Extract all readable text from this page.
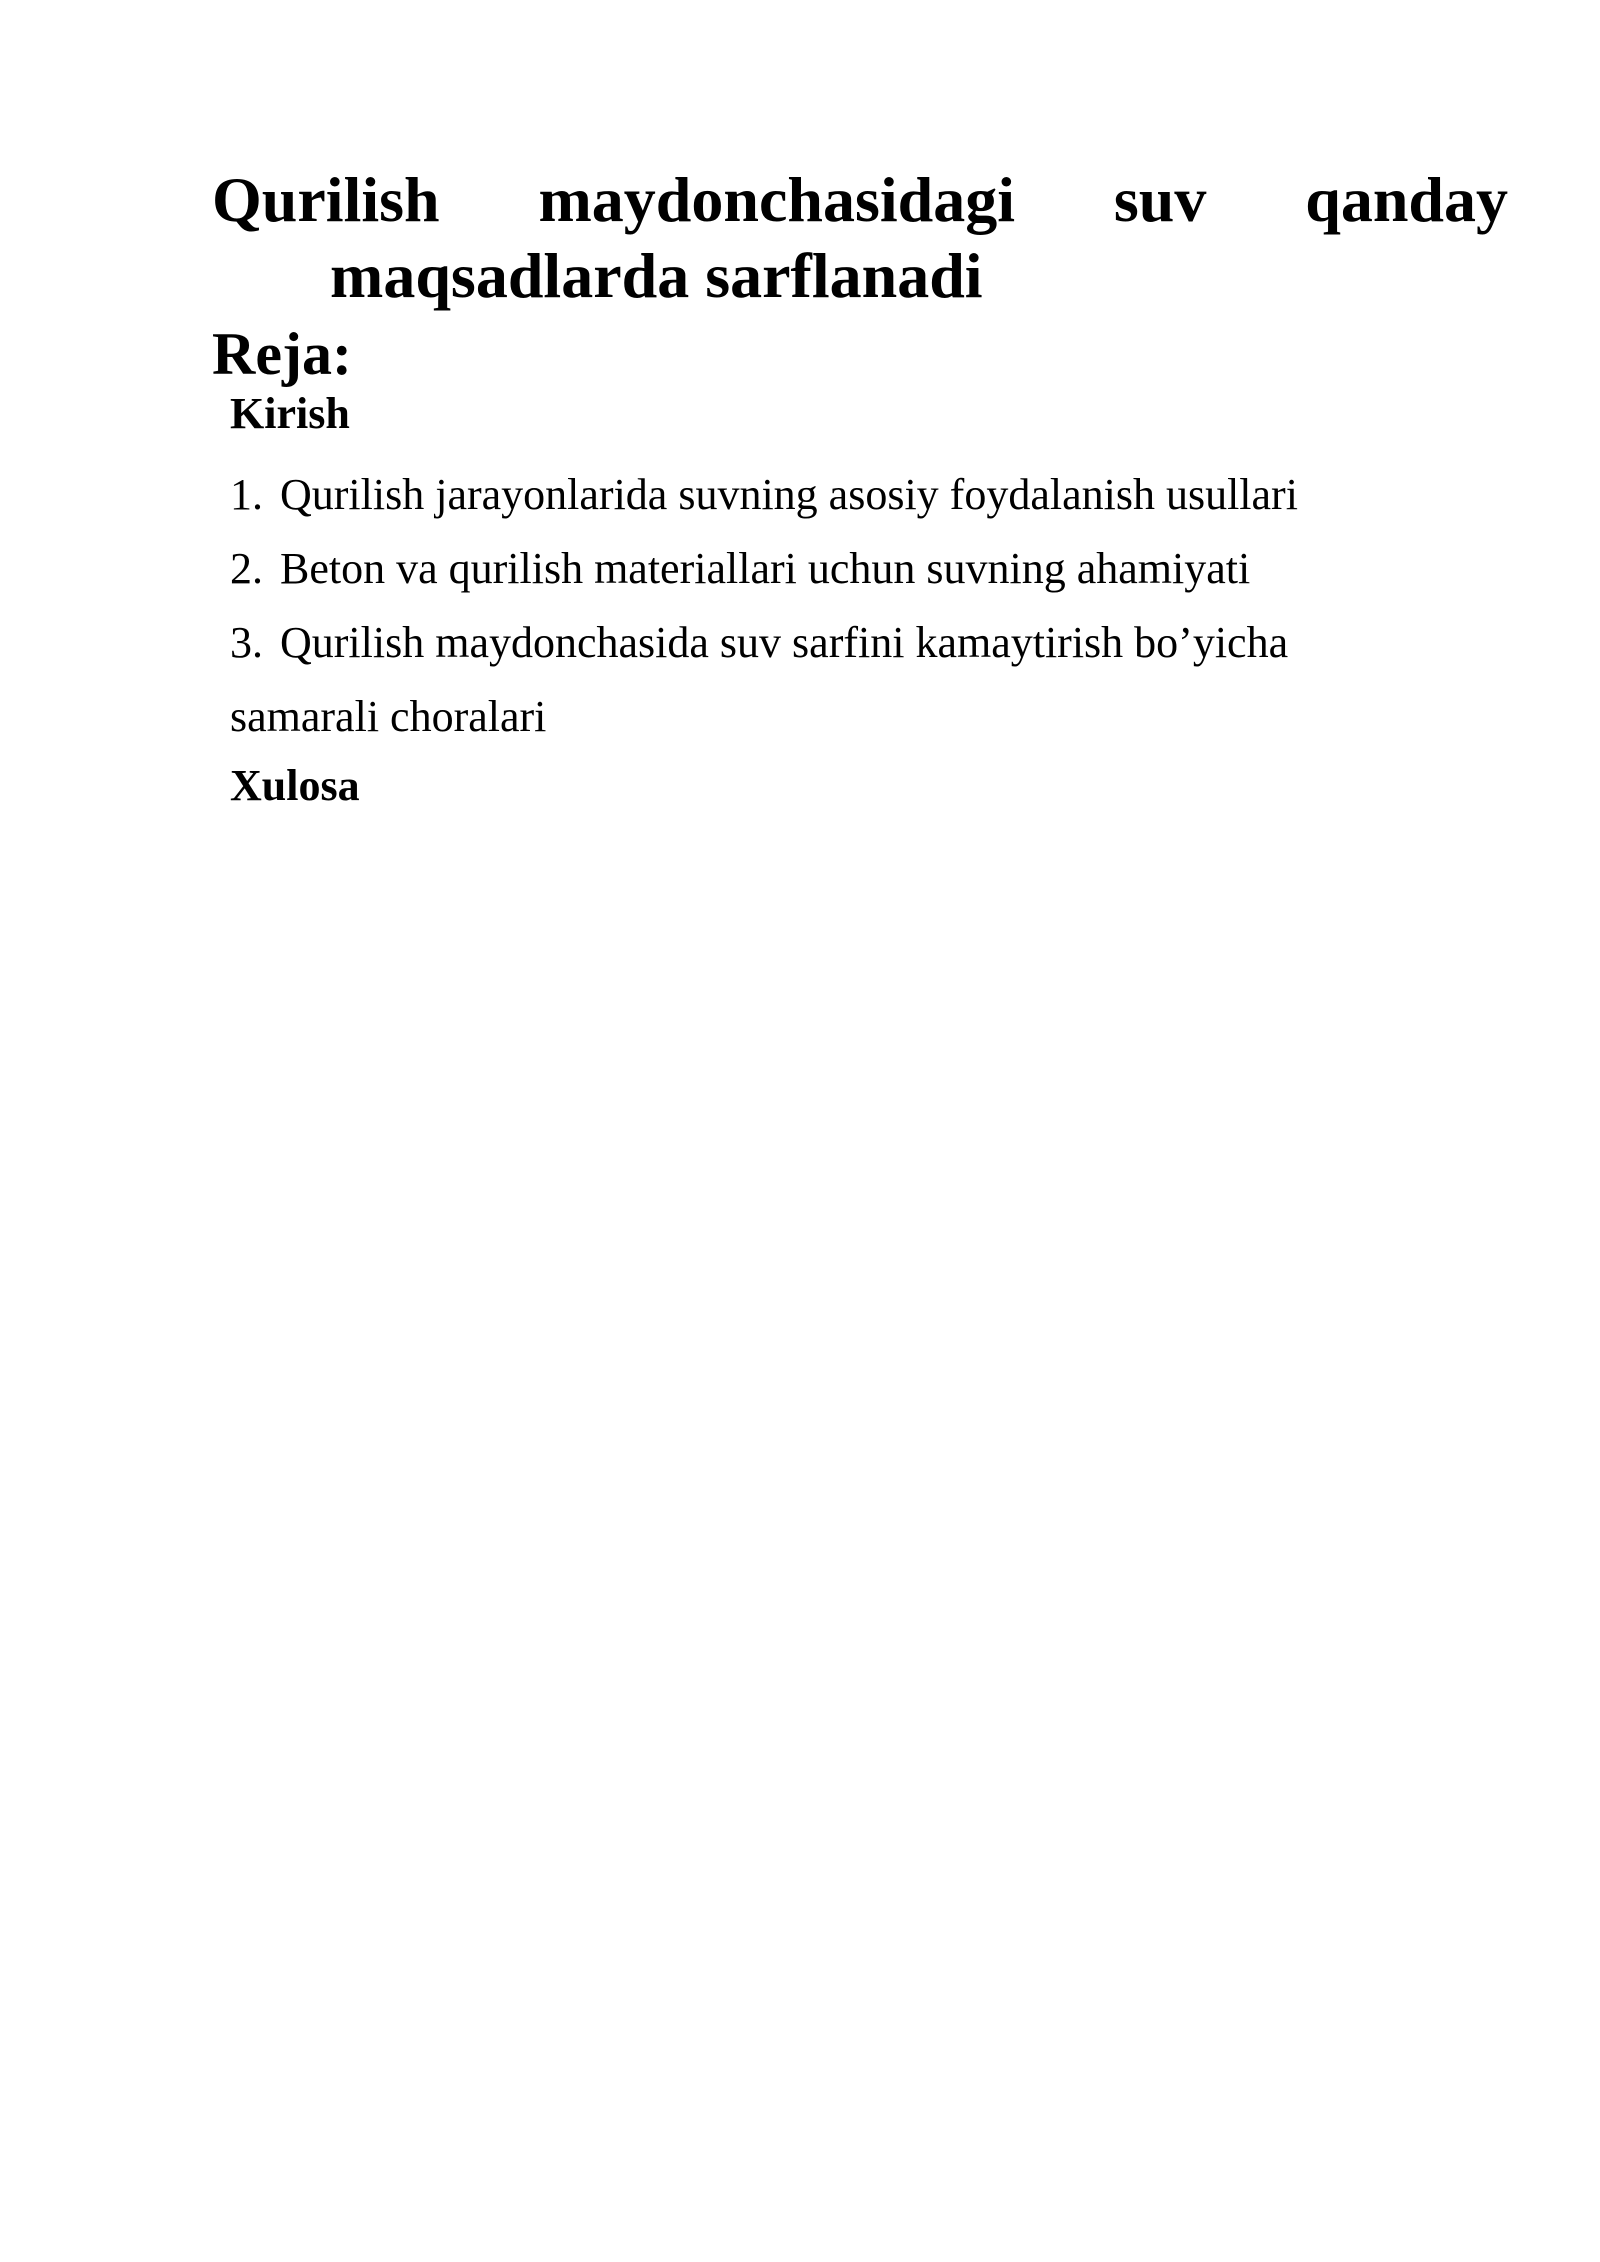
Qurilish maydonchasidagi suv qanday
maqsadlarda sarflanadi
Reja:

Kirish

1. Qurilish jarayonlarida suvning asosiy foydalanish usullari
2. Beton va qurilish materiallari uchun suvning ahamiyati
3. Qurilish maydonchasida suv sarfini kamaytirish bo’yicha samarali choralari

Xulosa
